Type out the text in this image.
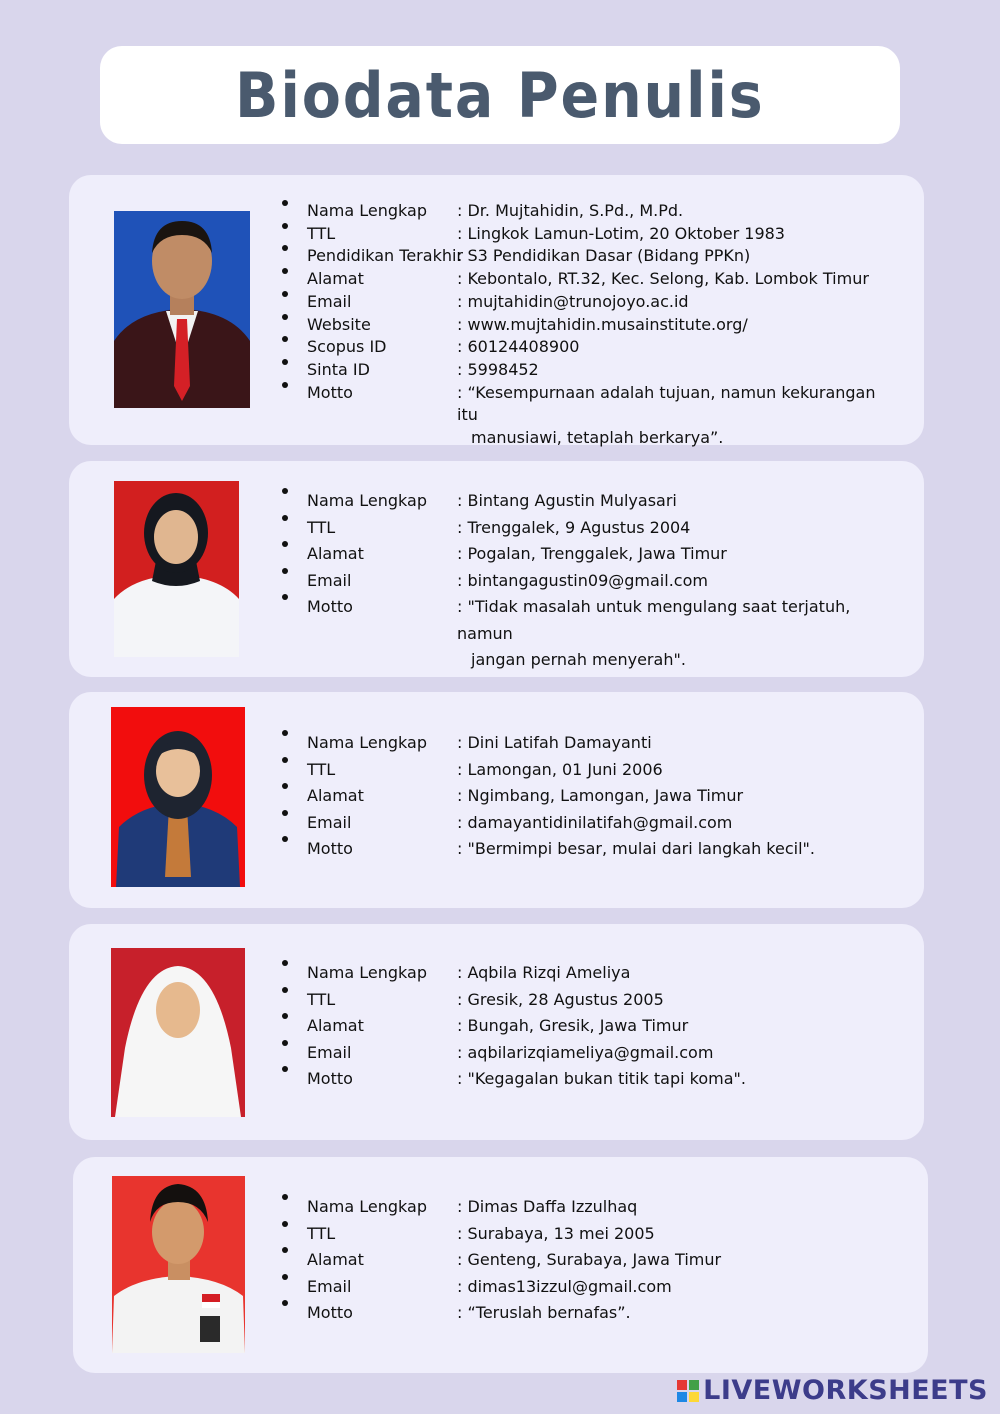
Biodata Penulis
Nama Lengkap : Dr. Mujtahidin, S.Pd., M.Pd.
TTL	: Lingkok Lamun-Lotim, 20 Oktober 1983
Pendidikan Terakhir: S3 Pendidikan Dasar (Bidang PPKn)
Alamat	: Kebontalo, RT.32, Kec. Selong, Kab. Lombok Timur
Email	: mujtahidin@trunojoyo.ac.id
Website	: www.mujtahidin.musainstitute.org/
Scopus ID	: 60124408900
Sinta ID	: 5998452
Motto	: “Kesempurnaan adalah tujuan, namun kekurangan itu
manusiawi, tetaplah berkarya”.
Nama Lengkap : Bintang Agustin Mulyasari
TTL	: Trenggalek, 9 Agustus 2004
Alamat	: Pogalan, Trenggalek, Jawa Timur
Email	: bintangagustin09@gmail.com
Motto	: "Tidak masalah untuk mengulang saat terjatuh, namun
jangan pernah menyerah".
Nama Lengkap : Dini Latifah Damayanti
TTL	: Lamongan, 01 Juni 2006
Alamat	: Ngimbang, Lamongan, Jawa Timur
Email	: damayantidinilatifah@gmail.com
Motto	: "Bermimpi besar, mulai dari langkah kecil".
Nama Lengkap : Aqbila Rizqi Ameliya
TTL	: Gresik, 28 Agustus 2005
Alamat	: Bungah, Gresik, Jawa Timur
Email	: aqbilarizqiameliya@gmail.com
Motto	: "Kegagalan bukan titik tapi koma".
Nama Lengkap : Dimas Daffa Izzulhaq
TTL	: Surabaya, 13 mei 2005
Alamat	: Genteng, Surabaya, Jawa Timur
Email	: dimas13izzul@gmail.com
Motto	: “Teruslah bernafas”.
LIVEWORKSHEETS
